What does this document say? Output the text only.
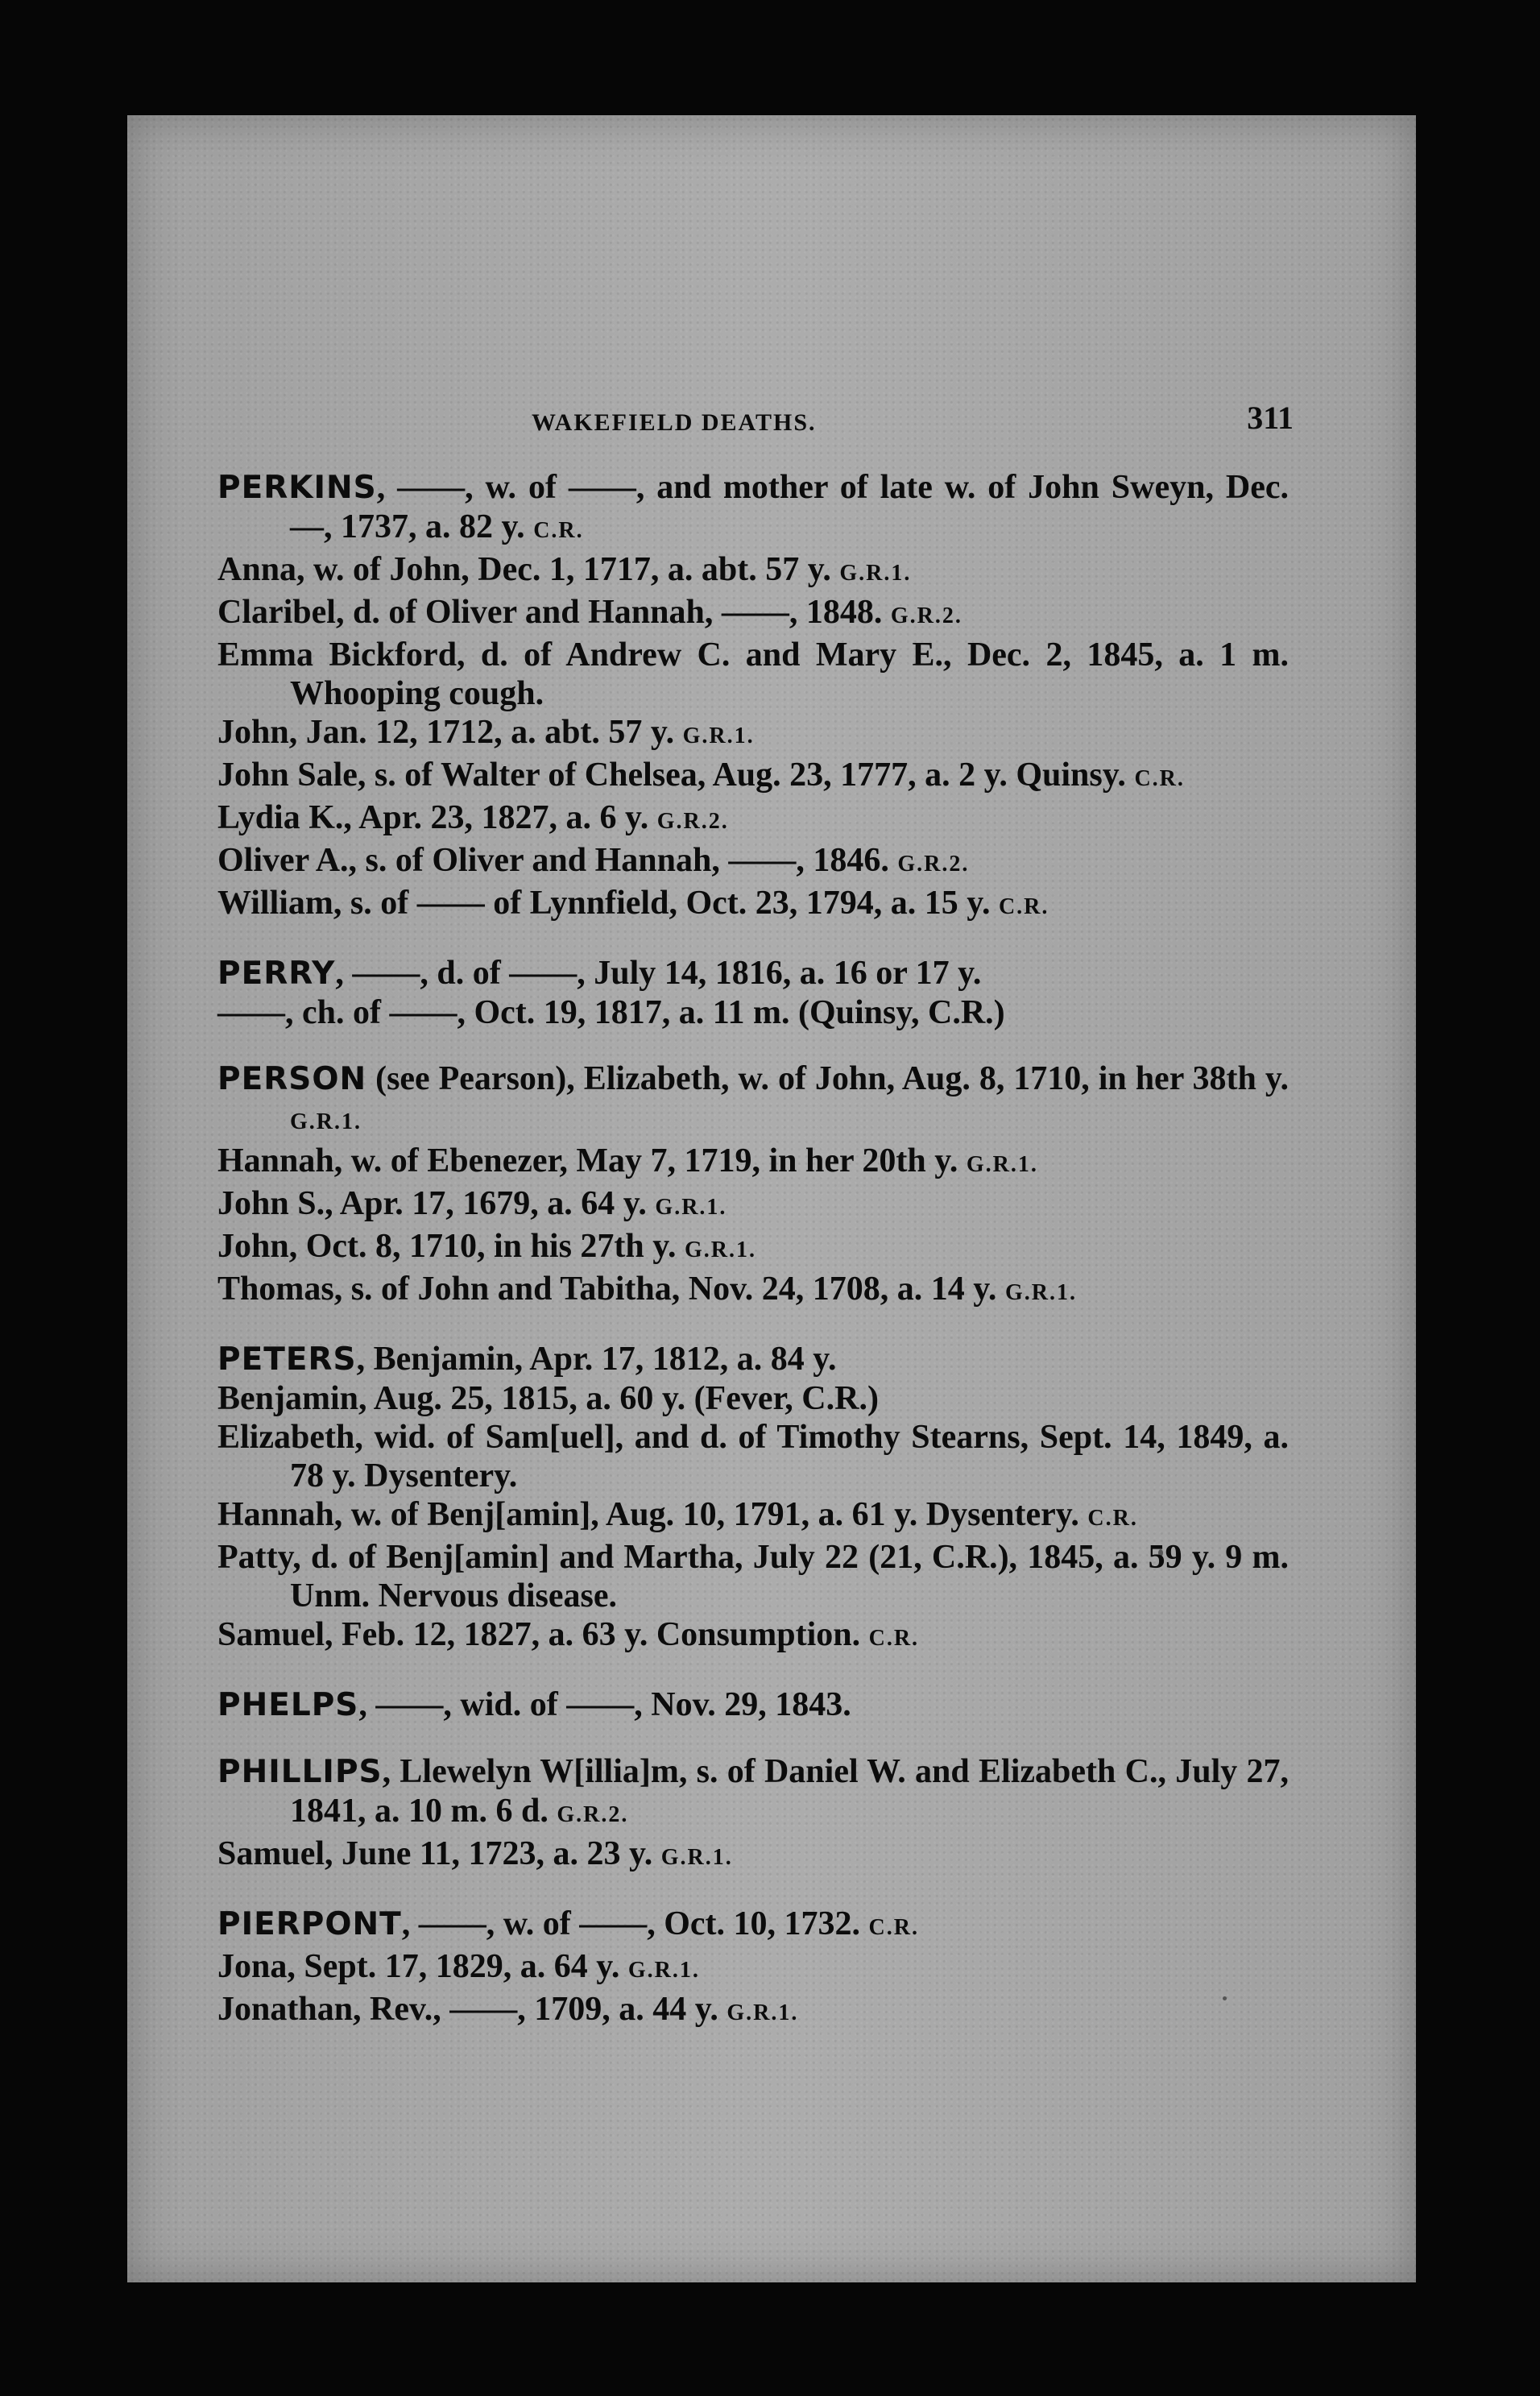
WAKEFIELD DEATHS.	311
PERKINS, ——, w. of ——, and mother of late w. of John Sweyn, Dec. —, 1737, a. 82 y. C.R.
Anna, w. of John, Dec. 1, 1717, a. abt. 57 y. G.R.1.
Claribel, d. of Oliver and Hannah, ——, 1848. G.R.2.
Emma Bickford, d. of Andrew C. and Mary E., Dec. 2, 1845, a. 1 m. Whooping cough.
John, Jan. 12, 1712, a. abt. 57 y. G.R.1.
John Sale, s. of Walter of Chelsea, Aug. 23, 1777, a. 2 y. Quinsy. C.R.
Lydia K., Apr. 23, 1827, a. 6 y. G.R.2.
Oliver A., s. of Oliver and Hannah, ——, 1846. G.R.2.
William, s. of —— of Lynnfield, Oct. 23, 1794, a. 15 y. C.R.
PERRY, ——, d. of ——, July 14, 1816, a. 16 or 17 y.
——, ch. of ——, Oct. 19, 1817, a. 11 m. (Quinsy, C.R.)
PERSON (see Pearson), Elizabeth, w. of John, Aug. 8, 1710, in her 38th y. G.R.1.
Hannah, w. of Ebenezer, May 7, 1719, in her 20th y. G.R.1.
John S., Apr. 17, 1679, a. 64 y. G.R.1.
John, Oct. 8, 1710, in his 27th y. G.R.1.
Thomas, s. of John and Tabitha, Nov. 24, 1708, a. 14 y. G.R.1.
PETERS, Benjamin, Apr. 17, 1812, a. 84 y.
Benjamin, Aug. 25, 1815, a. 60 y. (Fever, C.R.)
Elizabeth, wid. of Sam[uel], and d. of Timothy Stearns, Sept. 14, 1849, a. 78 y. Dysentery.
Hannah, w. of Benj[amin], Aug. 10, 1791, a. 61 y. Dysentery. C.R.
Patty, d. of Benj[amin] and Martha, July 22 (21, C.R.), 1845, a. 59 y. 9 m. Unm. Nervous disease.
Samuel, Feb. 12, 1827, a. 63 y. Consumption. C.R.
PHELPS, ——, wid. of ——, Nov. 29, 1843.
PHILLIPS, Llewelyn W[illia]m, s. of Daniel W. and Elizabeth C., July 27, 1841, a. 10 m. 6 d. G.R.2.
Samuel, June 11, 1723, a. 23 y. G.R.1.
PIERPONT, ——, w. of ——, Oct. 10, 1732. C.R.
Jona, Sept. 17, 1829, a. 64 y. G.R.1.
Jonathan, Rev., ——, 1709, a. 44 y. G.R.1.
